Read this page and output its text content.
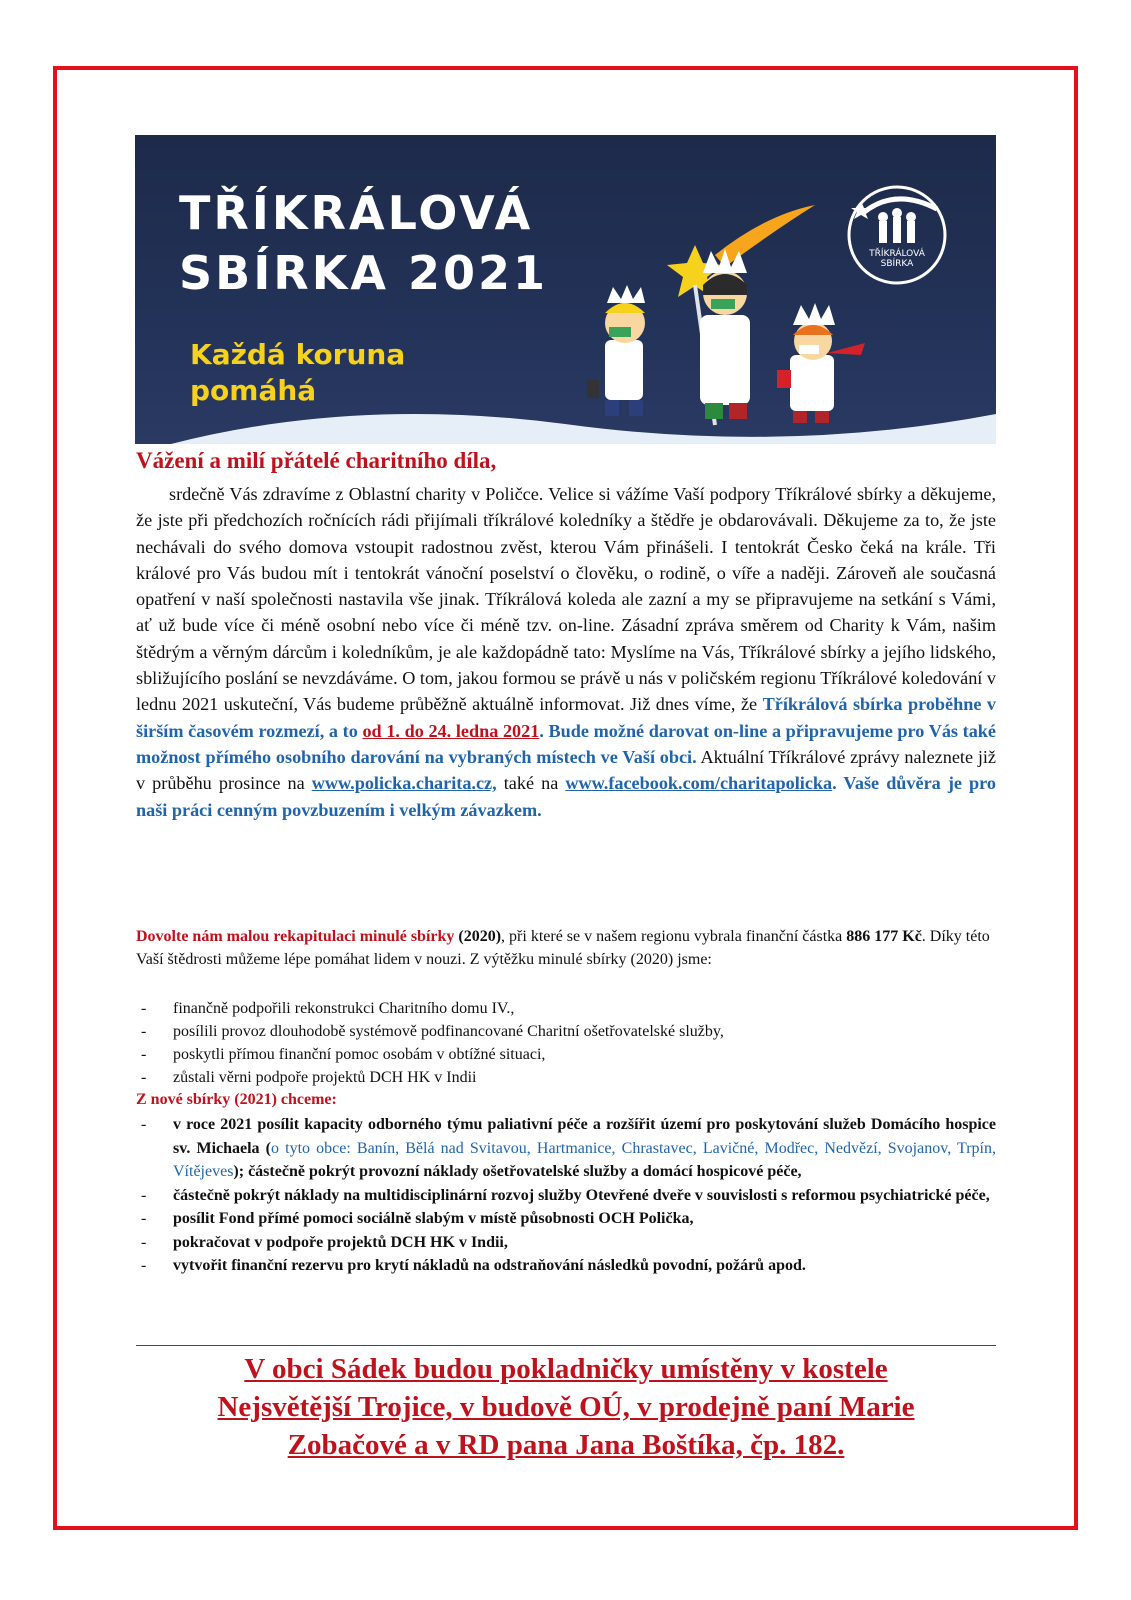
TŘÍKRÁLOVÁ
SBÍRKA 2021

Každá koruna
pomáhá

TŘÍKRÁLOVÁ
SBÍRKA

Vážení a milí přátelé charitního díla,

srdečně Vás zdravíme z Oblastní charity v Poličce. Velice si vážíme Vaší podpory Tříkrálové sbírky a děkujeme, že jste při předchozích ročnících rádi přijímali tříkrálové koledníky a štědře je obdarovávali. Děkujeme za to, že jste nechávali do svého domova vstoupit radostnou zvěst, kterou Vám přinášeli. I tentokrát Česko čeká na krále. Tři králové pro Vás budou mít i tentokrát vánoční poselství o člověku, o rodině, o víře a naději. Zároveň ale současná opatření v naší společnosti nastavila vše jinak. Tříkrálová koleda ale zazní a my se připravujeme na setkání s Vámi, ať už bude více či méně osobní nebo více či méně tzv. on-line. Zásadní zpráva směrem od Charity k Vám, našim štědrým a věrným dárcům i koledníkům, je ale každopádně tato: Myslíme na Vás, Tříkrálové sbírky a jejího lidského, sbližujícího poslání se nevzdáváme. O tom, jakou formou se právě u nás v poličském regionu Tříkrálové koledování v lednu 2021 uskuteční, Vás budeme průběžně aktuálně informovat. Již dnes víme, že Tříkrálová sbírka proběhne v širším časovém rozmezí, a to od 1. do 24. ledna 2021. Bude možné darovat on-line a připravujeme pro Vás také možnost přímého osobního darování na vybraných místech ve Vaší obci. Aktuální Tříkrálové zprávy naleznete již v průběhu prosince na www.policka.charita.cz, také na www.facebook.com/charitapolicka. Vaše důvěra je pro naši práci cenným povzbuzením i velkým závazkem.

Dovolte nám malou rekapitulaci minulé sbírky (2020), při které se v našem regionu vybrala finanční částka 886 177 Kč. Díky této Vaší štědrosti můžeme lépe pomáhat lidem v nouzi. Z výtěžku minulé sbírky (2020) jsme:

- finančně podpořili rekonstrukci Charitního domu IV.,
- posílili provoz dlouhodobě systémově podfinancované Charitní ošetřovatelské služby,
- poskytli přímou finanční pomoc osobám v obtížné situaci,
- zůstali věrni podpoře projektů DCH HK v Indii

Z nové sbírky (2021) chceme:

- v roce 2021 posílit kapacity odborného týmu paliativní péče a rozšířit území pro poskytování služeb Domácího hospice sv. Michaela (o tyto obce: Banín, Bělá nad Svitavou, Hartmanice, Chrastavec, Lavičné, Modřec, Nedvězí, Svojanov, Trpín, Vítějeves); částečně pokrýt provozní náklady ošetřovatelské služby a domácí hospicové péče,
- částečně pokrýt náklady na multidisciplinární rozvoj služby Otevřené dveře v souvislosti s reformou psychiatrické péče,
- posílit Fond přímé pomoci sociálně slabým v místě působnosti OCH Polička,
- pokračovat v podpoře projektů DCH HK v Indii,
- vytvořit finanční rezervu pro krytí nákladů na odstraňování následků povodní, požárů apod.

V obci Sádek budou pokladničky umístěny v kostele
Nejsvětější Trojice, v budově OÚ, v prodejně paní Marie
Zobačové a v RD pana Jana Boštíka, čp. 182.
